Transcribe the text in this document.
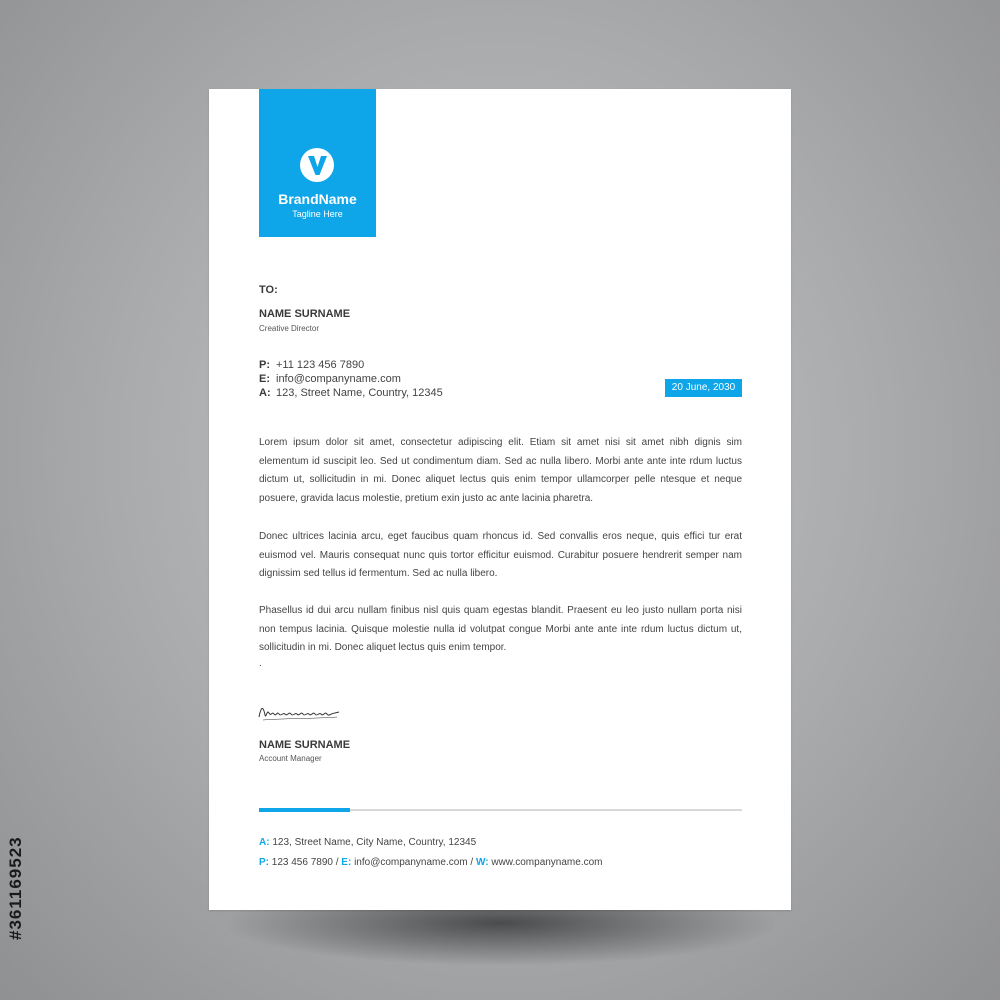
BrandName
Tagline Here
TO:
NAME SURNAME
Creative Director
P: +11 123 456 7890
E: info@companyname.com
A: 123, Street Name, Country, 12345	20 June, 2030

Lorem ipsum dolor sit amet, consectetur adipiscing elit. Etiam sit amet nisi sit amet nibh dignis sim elementum id suscipit leo. Sed ut condimentum diam. Sed ac nulla libero. Morbi ante ante inte rdum luctus dictum ut, sollicitudin in mi. Donec aliquet lectus quis enim tempor ullamcorper pelle ntesque et neque posuere, gravida lacus molestie, pretium exin justo ac ante lacinia pharetra.

Donec ultrices lacinia arcu, eget faucibus quam rhoncus id. Sed convallis eros neque, quis effici tur erat euismod vel. Mauris consequat nunc quis tortor efficitur euismod. Curabitur posuere hendrerit semper nam dignissim sed tellus id fermentum. Sed ac nulla libero.

Phasellus id dui arcu nullam finibus nisl quis quam egestas blandit. Praesent eu leo justo nullam porta nisi non tempus lacinia. Quisque molestie nulla id volutpat congue Morbi ante ante inte rdum luctus dictum ut, sollicitudin in mi. Donec aliquet lectus quis enim tempor.

.
NAME SURNAME
Account Manager
A: 123, Street Name, City Name, Country, 12345
P: 123 456 7890 / E: info@companyname.com / W: www.companyname.com
#361169523
